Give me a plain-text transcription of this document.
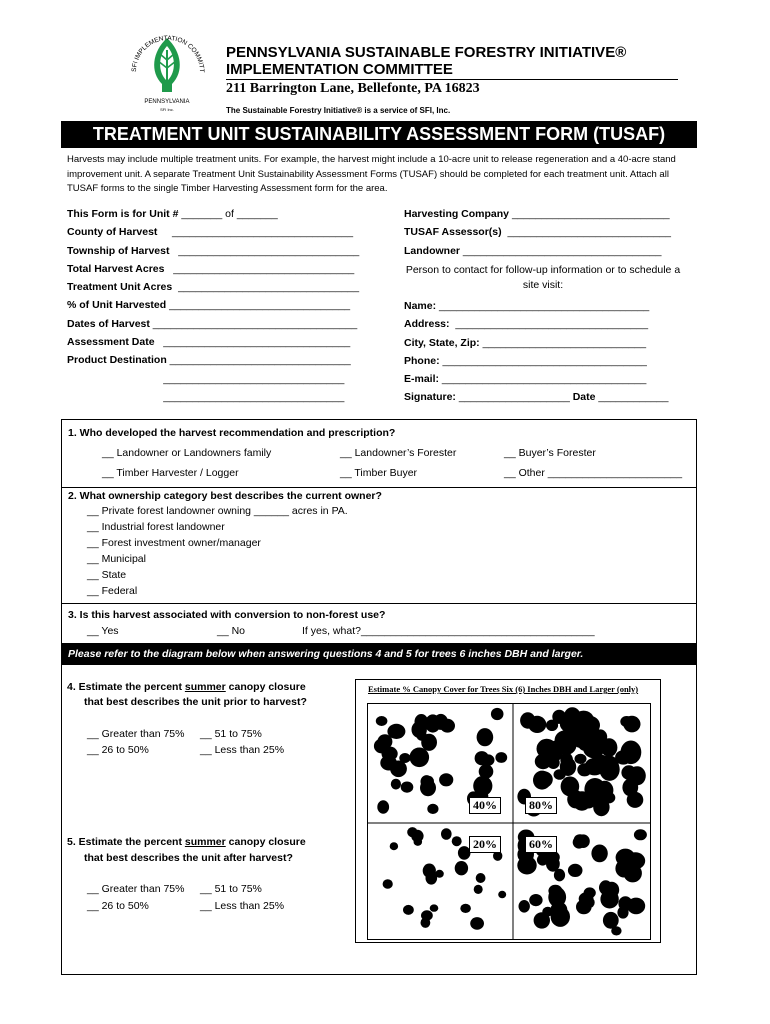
SFI IMPLEMENTATION COMMITT
PENNSYLVANIA
SFI Inc.
PENNSYLVANIA SUSTAINABLE FORESTRY INITIATIVE®
IMPLEMENTATION COMMITTEE
211 Barrington Lane, Bellefonte, PA 16823
The Sustainable Forestry Initiative® is a service of SFI, Inc.
TREATMENT UNIT SUSTAINABILITY ASSESSMENT FORM (TUSAF)
Harvests may include multiple treatment units. For example, the harvest might include a 10-acre unit to release regeneration and a 40-acre stand improvement unit. A separate Treatment Unit Sustainability Assessment Forms (TUSAF) should be completed for each treatment unit. Attach all TUSAF forms to the single Timber Harvesting Assessment form for the area.
This Form is for Unit # _______ of _______
County of Harvest     _______________________________
Township of Harvest   _______________________________
Total Harvest Acres   _______________________________
Treatment Unit Acres  _______________________________
% of Unit Harvested _______________________________
Dates of Harvest ___________________________________
Assessment Date   ________________________________
Product Destination _______________________________
_______________________________
_______________________________
Harvesting Company ___________________________
TUSAF Assessor(s)  ____________________________
Landowner __________________________________
Person to contact for follow-up information or to schedule a site visit:
Name: ____________________________________
Address:  _________________________________
City, State, Zip: ____________________________
Phone: ___________________________________
E-mail: ___________________________________
Signature: ___________________ Date ____________
1. Who developed the harvest recommendation and prescription?
__ Landowner or Landowners family	__ Landowner’s Forester	__ Buyer’s Forester
__ Timber Harvester / Logger	__ Timber Buyer	__ Other _______________________
2. What ownership category best describes the current owner?
__ Private forest landowner owning ______ acres in PA.
__ Industrial forest landowner
__ Forest investment owner/manager
__ Municipal
__ State
__ Federal
3. Is this harvest associated with conversion to non-forest use?
__ Yes	__ No	If yes, what?________________________________________
Please refer to the diagram below when answering questions 4 and 5 for trees 6 inches DBH and larger.
4. Estimate the percent summer canopy closure
that best describes the unit prior to harvest?
__ Greater than 75% __ 51 to 75%
__ 26 to 50%	__ Less than 25%
5. Estimate the percent summer canopy closure
that best describes the unit after harvest?
__ Greater than 75% __ 51 to 75%
__ 26 to 50%	__ Less than 25%
Estimate % Canopy Cover for Trees Six (6) Inches DBH and Larger (only)
40%	80%
20%	60%
